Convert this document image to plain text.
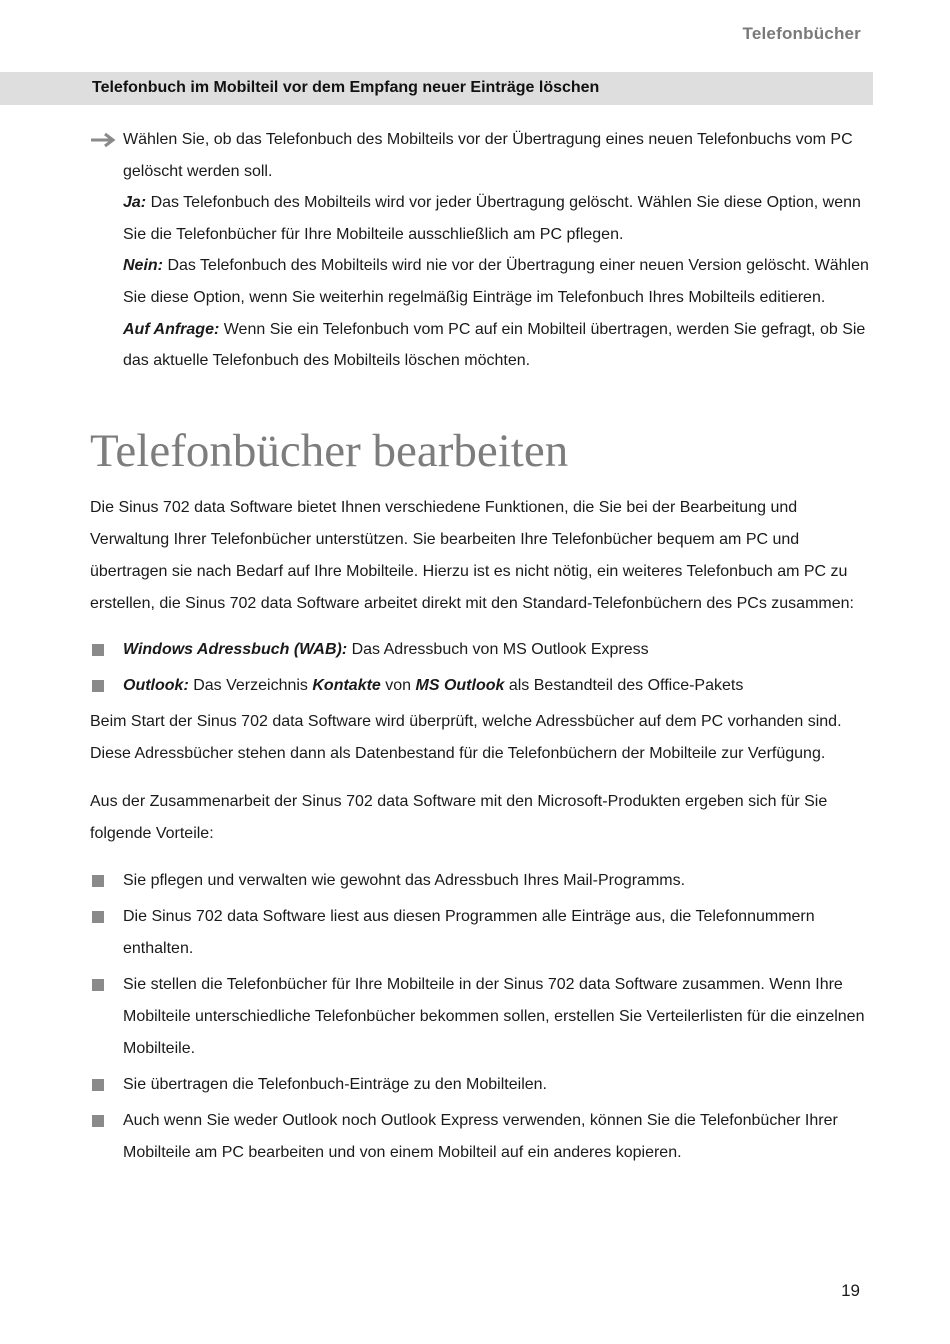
Telefonbücher
Telefonbuch im Mobilteil vor dem Empfang neuer Einträge löschen
Wählen Sie, ob das Telefonbuch des Mobilteils vor der Übertragung eines neuen Telefonbuchs vom PC gelöscht werden soll.
Ja: Das Telefonbuch des Mobilteils wird vor jeder Übertragung gelöscht. Wählen Sie diese Option, wenn Sie die Telefonbücher für Ihre Mobilteile ausschließlich am PC pflegen.
Nein: Das Telefonbuch des Mobilteils wird nie vor der Übertragung einer neuen Version gelöscht. Wählen Sie diese Option, wenn Sie weiterhin regelmäßig Einträge im Telefonbuch Ihres Mobilteils editieren.
Auf Anfrage: Wenn Sie ein Telefonbuch vom PC auf ein Mobilteil übertragen, werden Sie gefragt, ob Sie das aktuelle Telefonbuch des Mobilteils löschen möchten.
Telefonbücher bearbeiten

Die Sinus 702 data Software bietet Ihnen verschiedene Funktionen, die Sie bei der Bearbeitung und Verwaltung Ihrer Telefonbücher unterstützen. Sie bearbeiten Ihre Telefonbücher bequem am PC und übertragen sie nach Bedarf auf Ihre Mobilteile. Hierzu ist es nicht nötig, ein weiteres Telefonbuch am PC zu erstellen, die Sinus 702 data Software arbeitet direkt mit den Standard-Telefonbüchern des PCs zusammen:

Windows Adressbuch (WAB): Das Adressbuch von MS Outlook Express
Outlook: Das Verzeichnis Kontakte von MS Outlook als Bestandteil des Office-Pakets

Beim Start der Sinus 702 data Software wird überprüft, welche Adressbücher auf dem PC vorhanden sind. Diese Adressbücher stehen dann als Datenbestand für die Telefonbüchern der Mobilteile zur Verfügung.

Aus der Zusammenarbeit der Sinus 702 data Software mit den Microsoft-Produkten ergeben sich für Sie folgende Vorteile:

Sie pflegen und verwalten wie gewohnt das Adressbuch Ihres Mail-Programms.
Die Sinus 702 data Software liest aus diesen Programmen alle Einträge aus, die Telefonnummern enthalten.
Sie stellen die Telefonbücher für Ihre Mobilteile in der Sinus 702 data Software zusammen. Wenn Ihre Mobilteile unterschiedliche Telefonbücher bekommen sollen, erstellen Sie Verteilerlisten für die einzelnen Mobilteile.
Sie übertragen die Telefonbuch-Einträge zu den Mobilteilen.
Auch wenn Sie weder Outlook noch Outlook Express verwenden, können Sie die Telefonbücher Ihrer Mobilteile am PC bearbeiten und von einem Mobilteil auf ein anderes kopieren.
19
